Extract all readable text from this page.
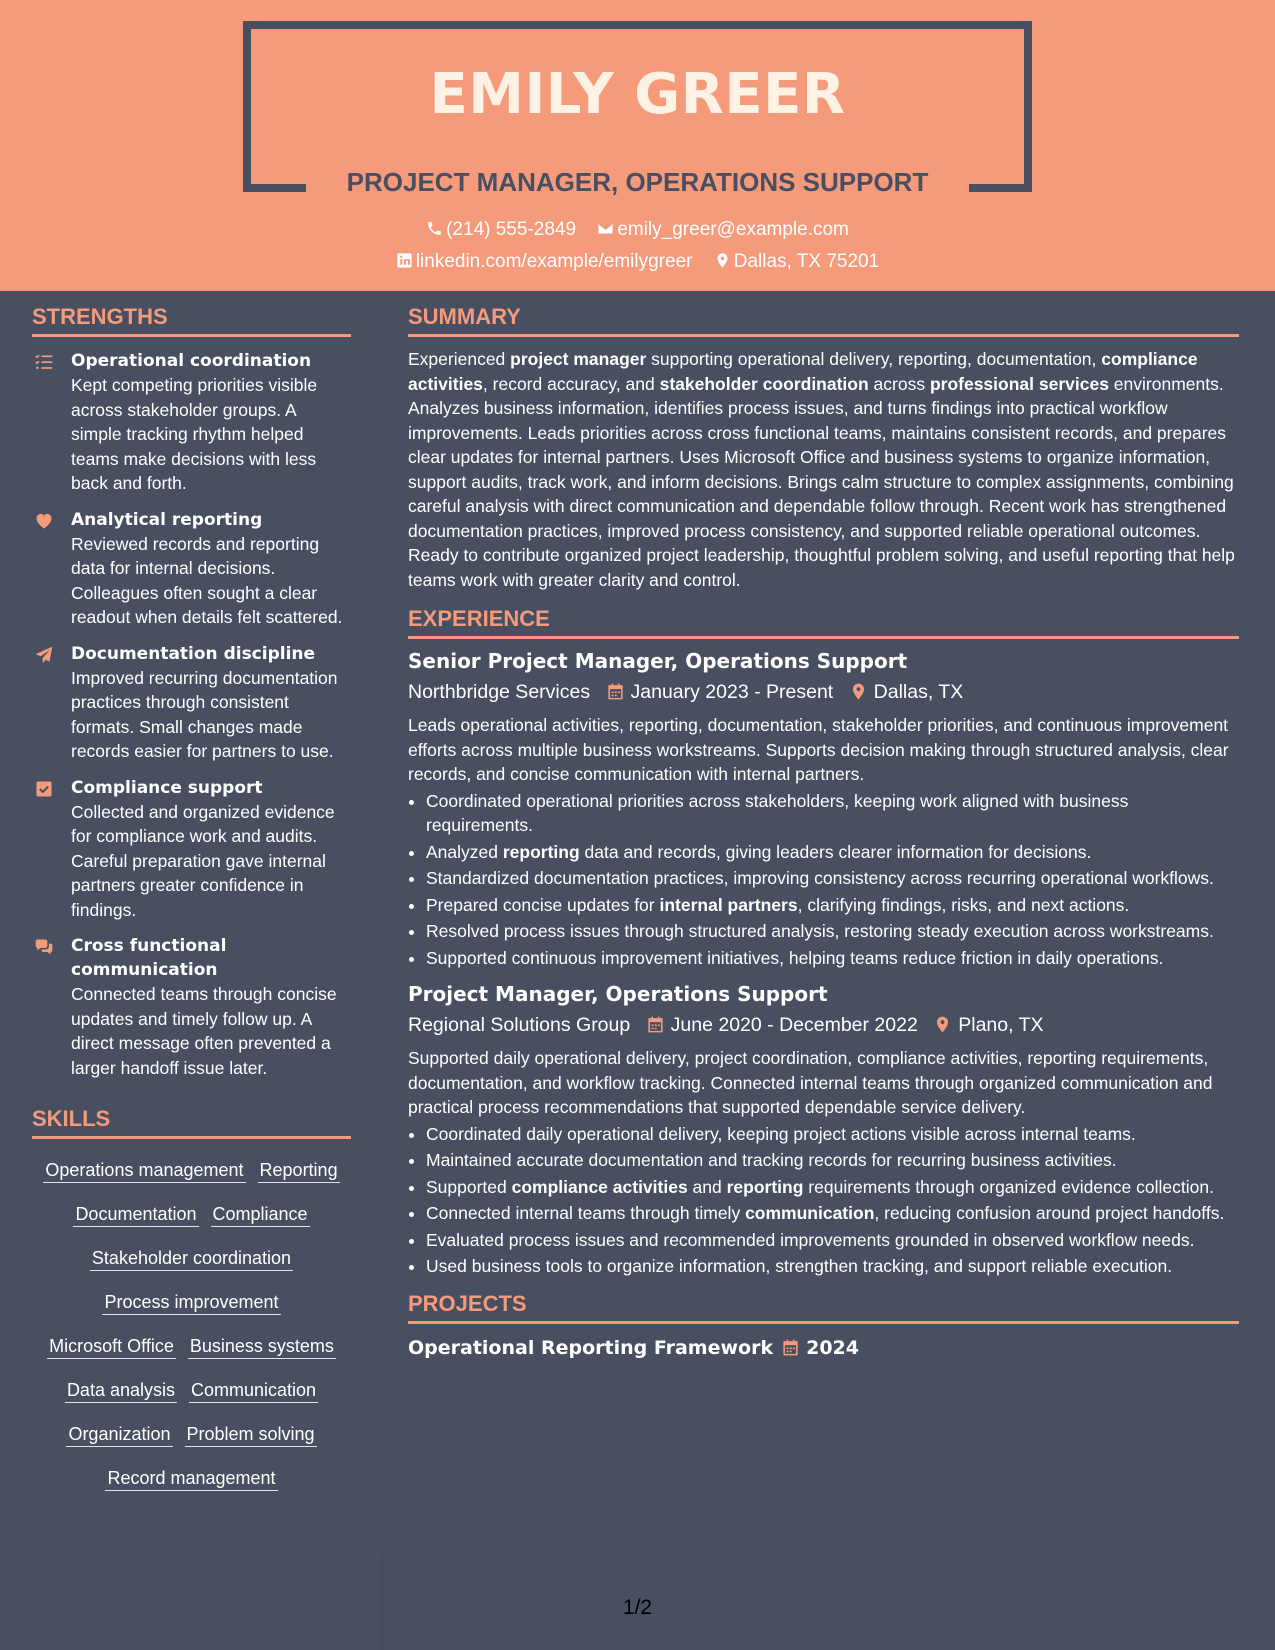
EMILY GREER
PROJECT MANAGER, OPERATIONS SUPPORT
(214) 555-2849 emily_greer@example.com
linkedin.com/example/emilygreer Dallas, TX 75201
STRENGTHS
Operational coordination
Kept competing priorities visible across stakeholder groups. A simple tracking rhythm helped teams make decisions with less back and forth.
Analytical reporting
Reviewed records and reporting data for internal decisions. Colleagues often sought a clear readout when details felt scattered.
Documentation discipline
Improved recurring documentation practices through consistent formats. Small changes made records easier for partners to use.
Compliance support
Collected and organized evidence for compliance work and audits. Careful preparation gave internal partners greater confidence in findings.
Cross functional communication
Connected teams through concise updates and timely follow up. A direct message often prevented a larger handoff issue later.
SKILLS
Operations management Reporting
Documentation Compliance
Stakeholder coordination
Process improvement
Microsoft Office Business systems
Data analysis Communication
Organization Problem solving
Record management
SUMMARY
Experienced project manager supporting operational delivery, reporting, documentation, compliance activities, record accuracy, and stakeholder coordination across professional services environments. Analyzes business information, identifies process issues, and turns findings into practical workflow improvements. Leads priorities across cross functional teams, maintains consistent records, and prepares clear updates for internal partners. Uses Microsoft Office and business systems to organize information, support audits, track work, and inform decisions. Brings calm structure to complex assignments, combining careful analysis with direct communication and dependable follow through. Recent work has strengthened documentation practices, improved process consistency, and supported reliable operational outcomes. Ready to contribute organized project leadership, thoughtful problem solving, and useful reporting that help teams work with greater clarity and control.
EXPERIENCE
Senior Project Manager, Operations Support
Northbridge Services January 2023 - Present Dallas, TX
Leads operational activities, reporting, documentation, stakeholder priorities, and continuous improvement efforts across multiple business workstreams. Supports decision making through structured analysis, clear records, and concise communication with internal partners.
• Coordinated operational priorities across stakeholders, keeping work aligned with business requirements.
• Analyzed reporting data and records, giving leaders clearer information for decisions.
• Standardized documentation practices, improving consistency across recurring operational workflows.
• Prepared concise updates for internal partners, clarifying findings, risks, and next actions.
• Resolved process issues through structured analysis, restoring steady execution across workstreams.
• Supported continuous improvement initiatives, helping teams reduce friction in daily operations.
Project Manager, Operations Support
Regional Solutions Group June 2020 - December 2022 Plano, TX
Supported daily operational delivery, project coordination, compliance activities, reporting requirements, documentation, and workflow tracking. Connected internal teams through organized communication and practical process recommendations that supported dependable service delivery.
• Coordinated daily operational delivery, keeping project actions visible across internal teams.
• Maintained accurate documentation and tracking records for recurring business activities.
• Supported compliance activities and reporting requirements through organized evidence collection.
• Connected internal teams through timely communication, reducing confusion around project handoffs.
• Evaluated process issues and recommended improvements grounded in observed workflow needs.
• Used business tools to organize information, strengthen tracking, and support reliable execution.
PROJECTS
Operational Reporting Framework 2024
1/2
